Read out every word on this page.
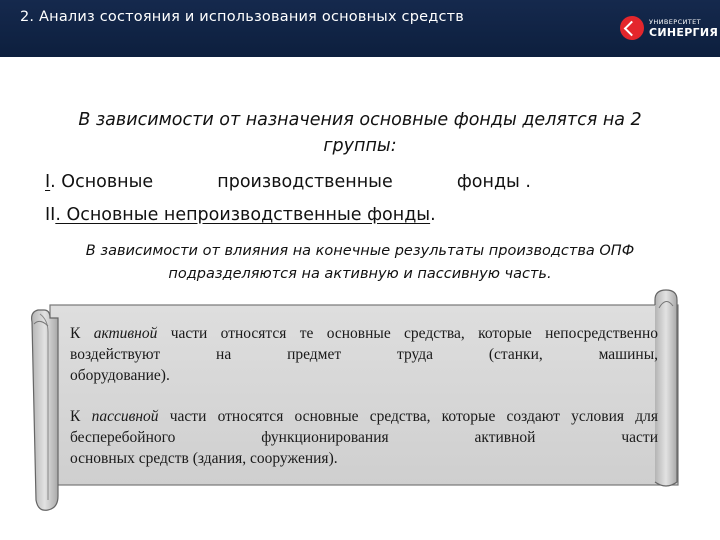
2. Анализ состояния и использования основных средств	УНИВЕРСИТЕТ
СИНЕРГИЯ
В зависимости от назначения основные фонды делятся на 2 группы:
I. Основные	производственные	фонды .
II. Основные непроизводственные фонды.
В зависимости от влияния на конечные результаты производства ОПФ подразделяются на активную и пассивную часть.
К активной части относятся те основные средства, которые непосредственно воздействуют на предмет труда (станки, машины,
оборудование).
К пассивной части относятся основные средства, которые создают условия для бесперебойного функционирования активной части
основных средств (здания, сооружения).
